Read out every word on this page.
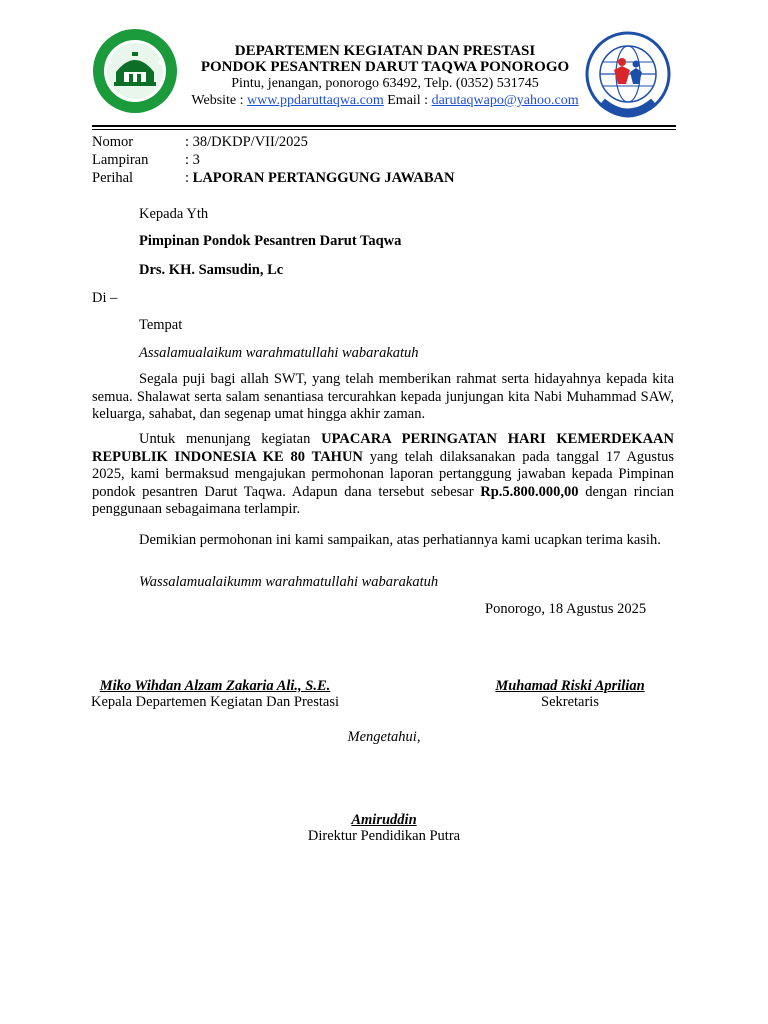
DEPARTEMEN KEGIATAN DAN PRESTASI
PONDOK PESANTREN DARUT TAQWA PONOROGO
Pintu, jenangan, ponorogo 63492, Telp. (0352) 531745
Website : www.ppdaruttaqwa.com Email : darutaqwapo@yahoo.com
Nomor	: 38/DKDP/VII/2025
Lampiran	: 3
Perihal	: LAPORAN PERTANGGUNG JAWABAN
Kepada Yth
Pimpinan Pondok Pesantren Darut Taqwa
Drs. KH. Samsudin, Lc
Di –
Tempat
Assalamualaikum warahmatullahi wabarakatuh
Segala puji bagi allah SWT, yang telah memberikan rahmat serta hidayahnya kepada kita semua. Shalawat serta salam senantiasa tercurahkan kepada junjungan kita Nabi Muhammad SAW, keluarga, sahabat, dan segenap umat hingga akhir zaman.
Untuk menunjang kegiatan UPACARA PERINGATAN HARI KEMERDEKAAN REPUBLIK INDONESIA KE 80 TAHUN yang telah dilaksanakan pada tanggal 17 Agustus 2025, kami bermaksud mengajukan permohonan laporan pertanggung jawaban kepada Pimpinan pondok pesantren Darut Taqwa. Adapun dana tersebut sebesar Rp.5.800.000,00 dengan rincian penggunaan sebagaimana terlampir.
Demikian permohonan ini kami sampaikan, atas perhatiannya kami ucapkan terima kasih.
Wassalamualaikumm warahmatullahi wabarakatuh
Ponorogo, 18 Agustus 2025
Miko Wihdan Alzam Zakaria Ali., S.E.
Kepala Departemen Kegiatan Dan Prestasi
Muhamad Riski Aprilian
Sekretaris
Mengetahui,
Amiruddin
Direktur Pendidikan Putra
